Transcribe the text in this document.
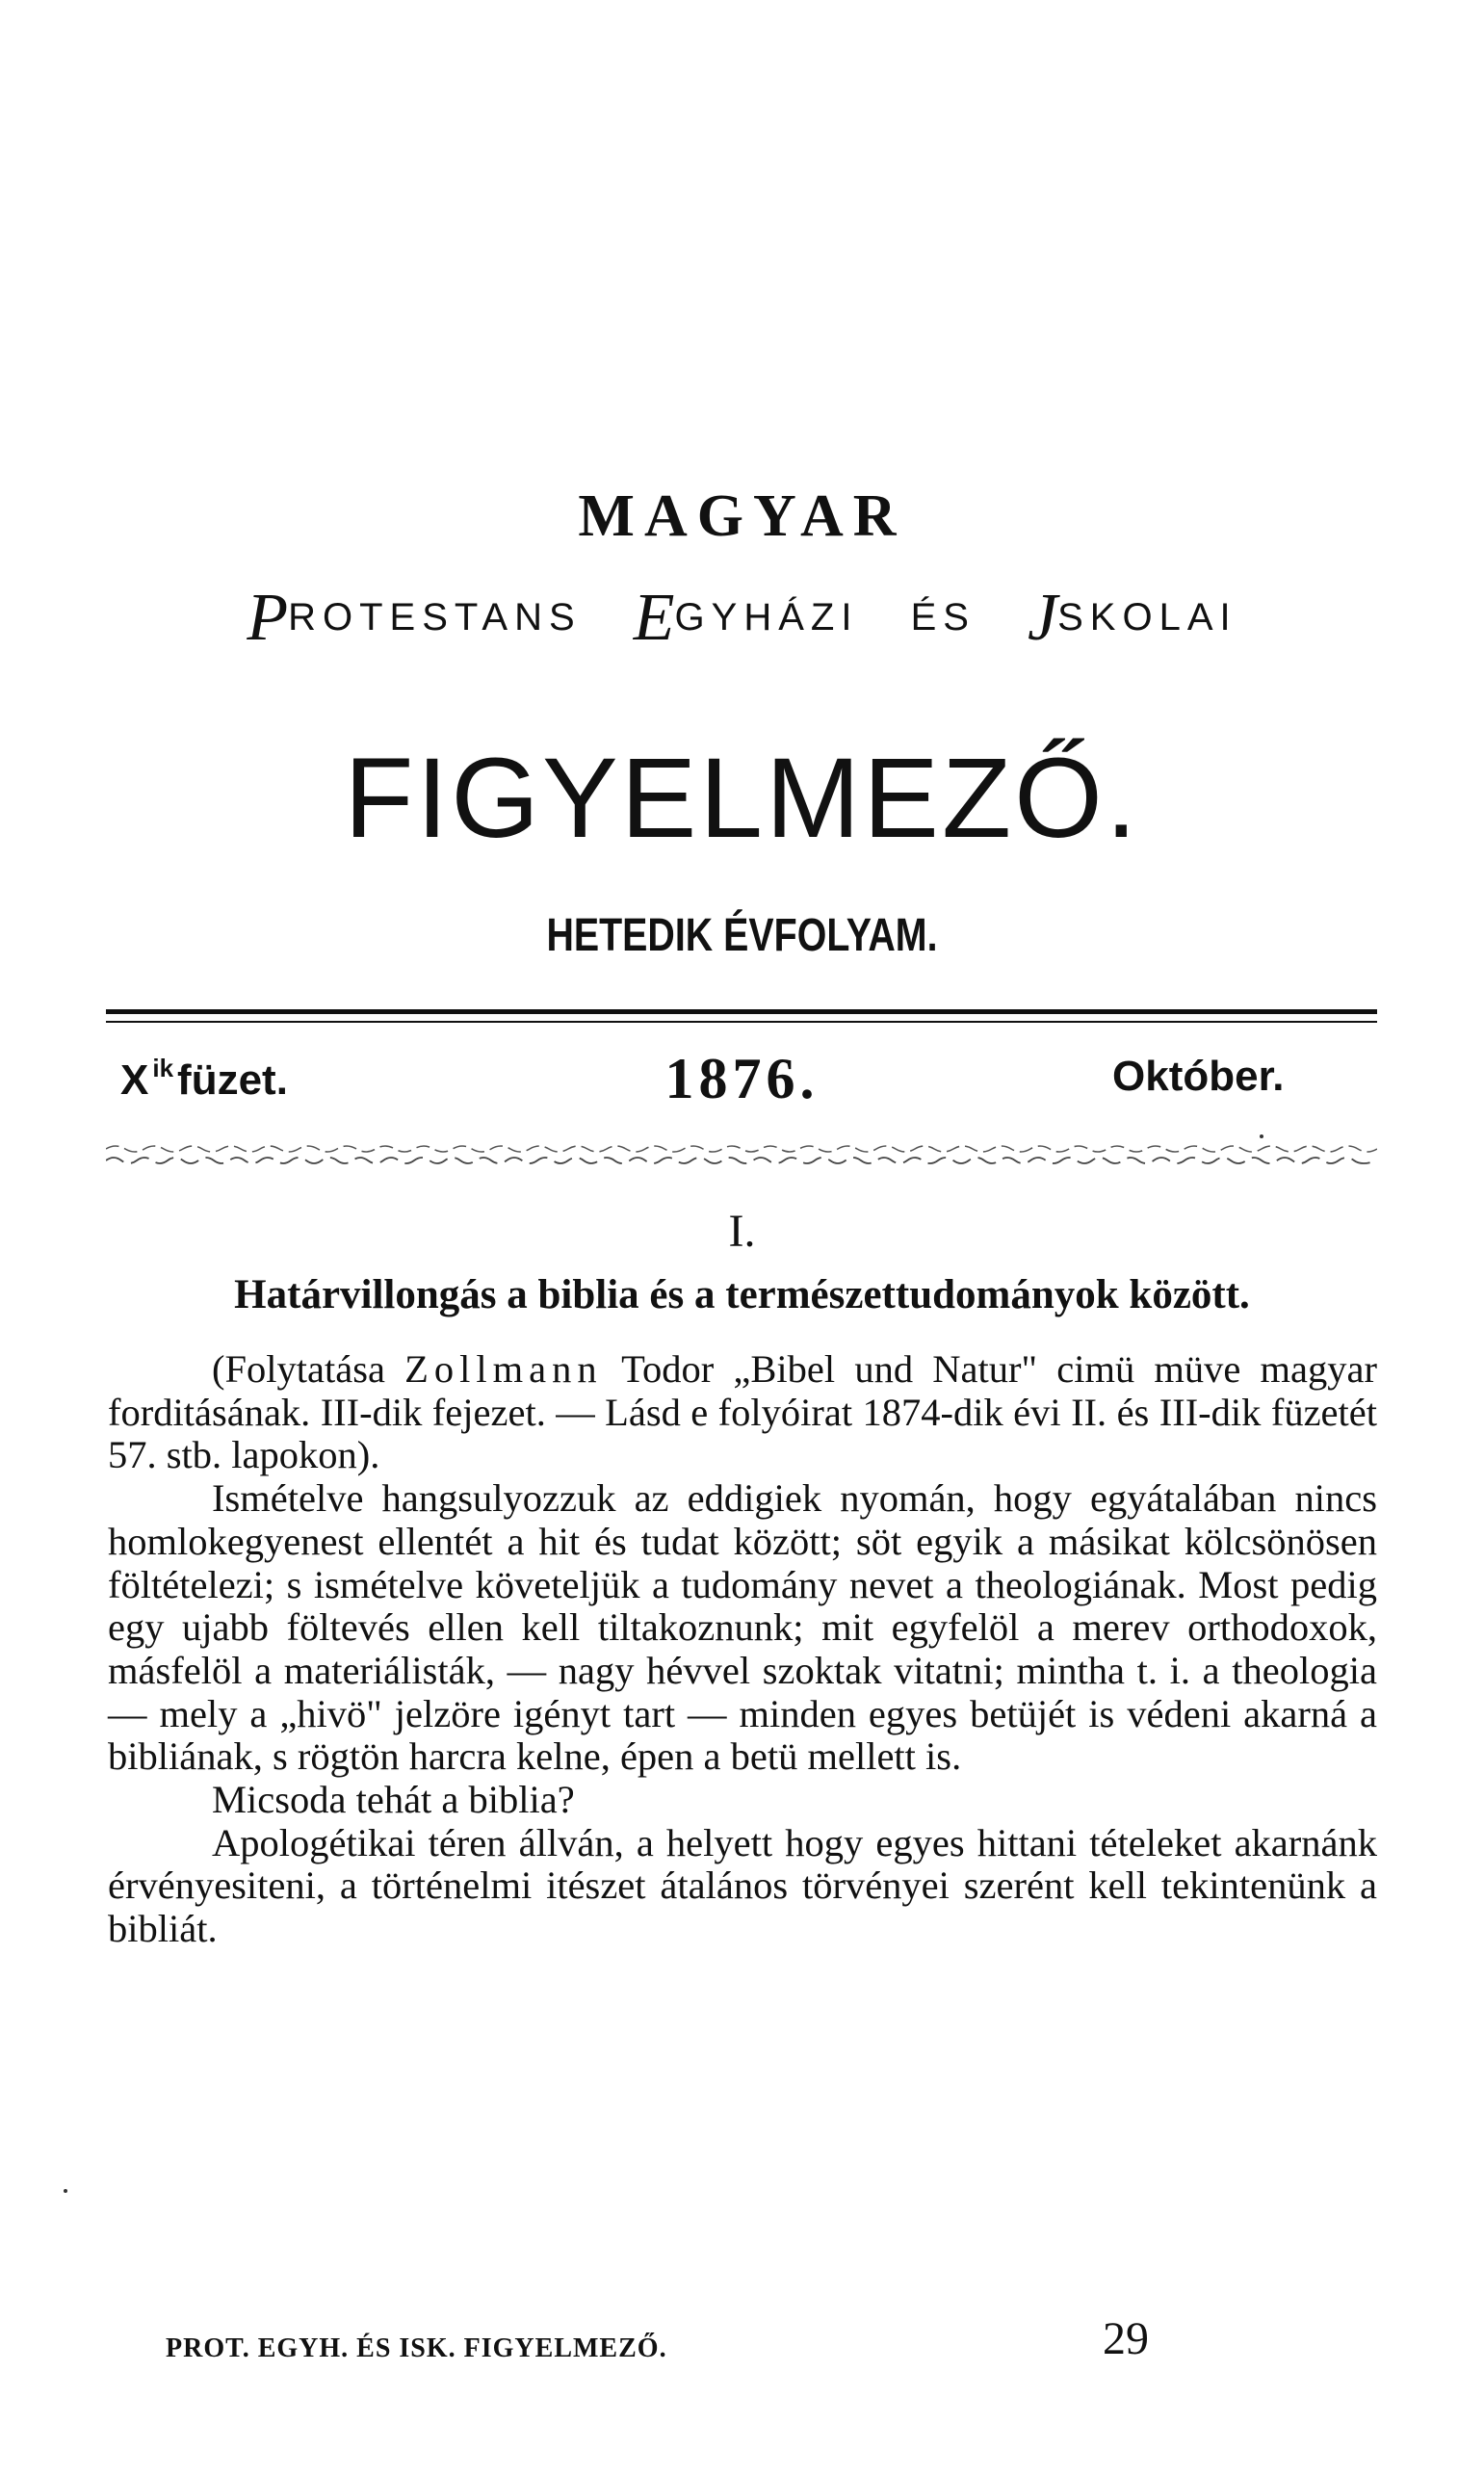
MAGYAR
PROTESTANS EGYHÁZI ÉS JSKOLAI
FIGYELMEZŐ.
HETEDIK ÉVFOLYAM.
X $^{ik}$füzet.	1876.	Október.
I.
Határvillongás a biblia és a természettudományok között.

(Folytatása Zollmann Todor „Bibel und Natur" cimü müve magyar forditásának. III-dik fejezet. — Lásd e folyóirat 1874-dik évi II. és III-dik füzetét 57. stb. lapokon).

Ismételve hangsulyozzuk az eddigiek nyomán, hogy egyátalában nincs homlokegyenest ellentét a hit és tudat között; söt egyik a másikat kölcsönösen föltételezi; s ismételve követeljük a tudomány nevet a theologiának. Most pedig egy ujabb föltevés ellen kell tiltakoznunk; mit egyfelöl a merev orthodoxok, másfelöl a materiálisták, — nagy hévvel szoktak vitatni; mintha t. i. a theologia — mely a „hivö" jelzöre igényt tart — minden egyes betüjét is védeni akarná a bibliának, s rögtön harcra kelne, épen a betü mellett is.

Micsoda tehát a biblia?

Apologétikai téren állván, a helyett hogy egyes hittani tételeket akarnánk érvényesiteni, a történelmi itészet átalános törvényei szerént kell tekintenünk a bibliát.

PROT. EGYH. ÉS ISK. FIGYELMEZŐ.	29
